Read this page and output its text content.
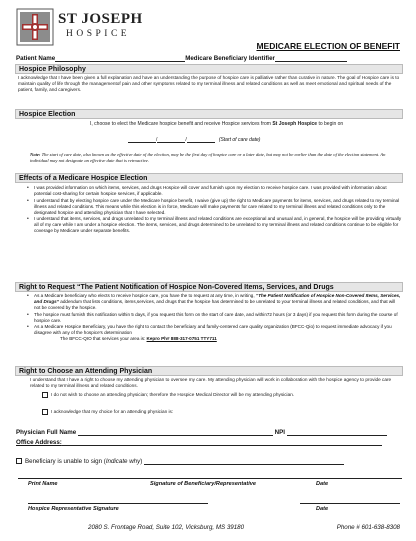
ST JOSEPH
HOSPICE
MEDICARE ELECTION OF BENEFIT
Patient Name	Medicare Beneficiary Identifier
Hospice Philosophy
I acknowledge that I have been given a full explanation and have an understanding the purpose of hospice care is palliative rather than curative in nature. The goal of Hospice care is to maintain quality of life through the managementof pain and other symptoms related to my terminal illness and related conditions as well as meet emotional and spiritual needs of the patient, family, and caregivers.
Hospice Election
I, choose to elect the Medicare hospice benefit and receive Hospice services from St Joseph Hospice to begin on
/	/	(Start of care date)
Note: The start of care date, also known as the effective date of the election, may be the first day of hospice care or a later date, but may not be earlier than the date of the election statement. An individual may not designate an effective date that is retroactive.
Effects of a Medicare Hospice Election
• I was provided information on which items, services, and drugs Hospice will cover and furnish upon my election to receive hospice care. I was provided with information about potential cost-sharing for certain hospice services, if applicable.
• I understand that by electing hospice care under the Medicare hospice benefit, I waive (give up) the right to Medicare payments for items, services, and drugs related to my terminal illness and related conditions. This means while this election is in force, Medicare will make payments for care related to my terminal illness and related conditions only to the designated hospice and attending physician that I have selected.
• I understand that items, services, and drugs unrelated to my terminal illness and related conditions are exceptional and unusual and, in general, the hospice will be providing virtually all of my care while I am under a hospice election. The items, services, and drugs determined to be unrelated to my terminal illness and related conditions continue to be eligible for coverage by Medicare under separate benefits.
Right to Request “The Patient Notification of Hospice Non-Covered Items, Services, and Drugs
• As a Medicare beneficiary who elects to receive hospice care, you have the to request at any time, in writing, “The Patient Notification of Hospice Non-Covered Items, Services, and Drugs” addendum that lists conditions, items,services, and drugs that the hospice has determined to be unrelated to your terminal illness and related conditions, and that will not be covered by the hospice.
• The hospice must furnish this notification within 5 days, if you request this form on the start of care date, and within72 hours (or 3 days) if you request this form during the course of hospice care.
• As a Medicare Hospice Beneficiary, you have the right to contact the beneficiary and family-centered care quality organization (BFCC-Qio) to request immediate advocacy if you disagree with any of the hospice's determination
The BFCC-QIO that services your area is: Kepro Ph# 888-317-0751 TTY711
Right to Choose an Attending Physician
I understand that I have a right to choose my attending physician to oversee my care. My attending physician will work in collaboration with the hospice agency to provide care related to my terminal illness and related conditions.
I do not wish to choose an attending physician; therefore the Hospice Medical Director will be my attending physician.
I acknowledge that my choice for an attending physician is:
Physician Full Name	NPI
Office Address:
Beneficiary is unable to sign (Indicate why)
Print Name	Signature of Beneficiary/Representative	Date
Hospice Representative Signature	Date
2080 S. Frontage Road, Suite 102, Vicksburg, MS 39180	Phone # 601-638-8308
